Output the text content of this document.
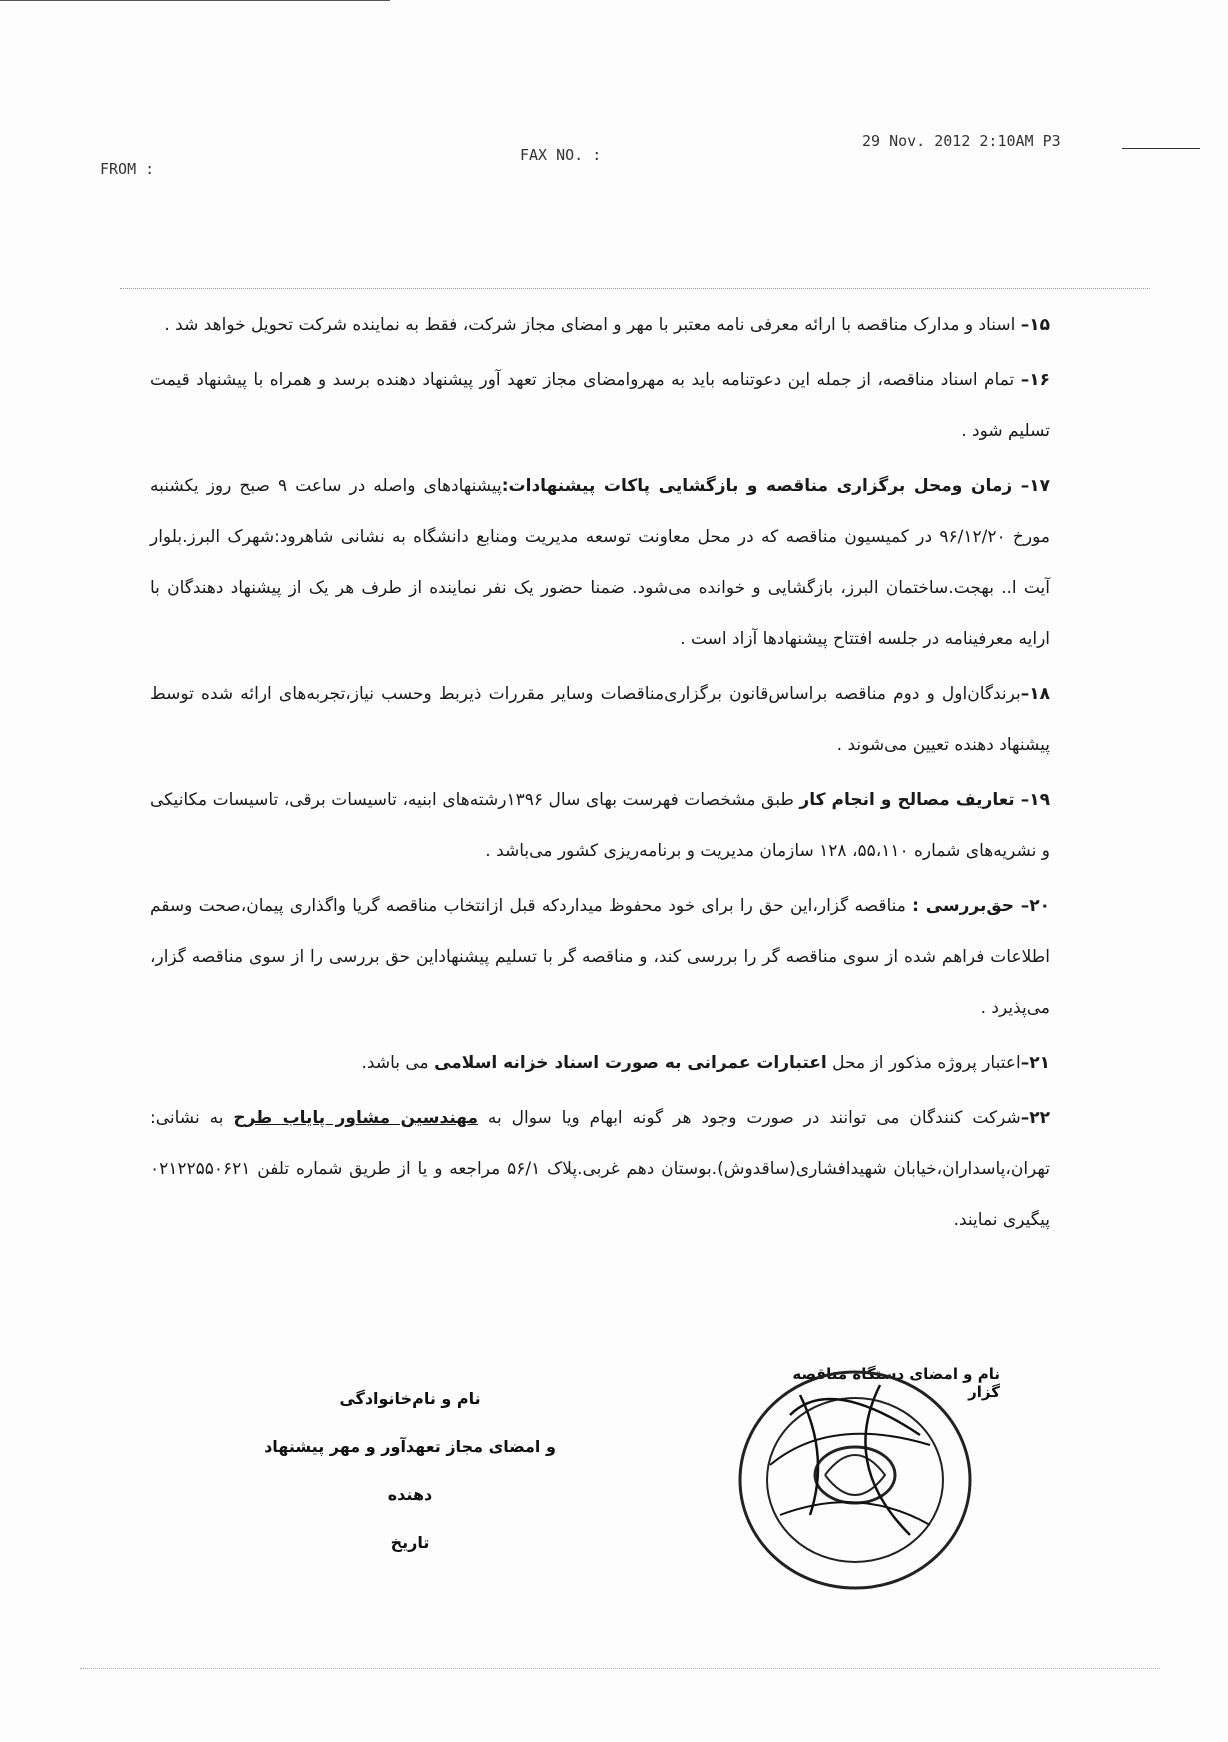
FROM :
FAX NO. :
29 Nov. 2012 2:10AM P3

۱۵– اسناد و مدارک مناقصه با ارائه معرفی نامه معتبر با مهر و امضای مجاز شرکت، فقط به نماینده شرکت تحویل خواهد شد .

۱۶– تمام اسناد مناقصه، از جمله این دعوتنامه باید به مهروامضای مجاز تعهد آور پیشنهاد دهنده برسد و همراه با پیشنهاد قیمت تسلیم شود .

۱۷– زمان ومحل برگزاری مناقصه و بازگشایی پاکات پیشنهادات:پیشنهادهای واصله در ساعت ۹ صبح روز یکشنبه مورخ ۹۶/۱۲/۲۰ در کمیسیون مناقصه که در محل معاونت توسعه مدیریت ومنابع دانشگاه به نشانی شاهرود:شهرک البرز.بلوار آیت ا.. بهجت.ساختمان البرز، بازگشایی و خوانده می‌شود. ضمنا حضور یک نفر نماینده از طرف هر یک از پیشنهاد دهندگان با ارایه معرفینامه در جلسه افتتاح پیشنهادها آزاد است .

۱۸–برندگان‌اول و دوم مناقصه براساس‌قانون برگزاری‌مناقصات وسایر مقررات ذیربط وحسب نیاز،تجربه‌های ارائه شده توسط پیشنهاد دهنده تعیین می‌شوند .

۱۹– تعاریف مصالح و انجام کار طبق مشخصات فهرست بهای سال ۱۳۹۶رشته‌های ابنیه، تاسیسات برقی، تاسیسات مکانیکی و نشریه‌های شماره ۵۵،۱۱۰، ۱۲۸ سازمان مدیریت و برنامه‌ریزی کشور می‌باشد .

۲۰– حق‌بررسی : مناقصه گزار،این حق را برای خود محفوظ میداردکه قبل ازانتخاب مناقصه گریا واگذاری پیمان،صحت وسقم اطلاعات فراهم شده از سوی مناقصه گر را بررسی کند، و مناقصه گر با تسلیم پیشنهاداین حق بررسی را از سوی مناقصه گزار، می‌پذیرد .

۲۱–اعتبار پروژه مذکور از محل اعتبارات عمرانی به صورت اسناد خزانه اسلامی می باشد.

۲۲–شرکت کنندگان می توانند در صورت وجود هر گونه ابهام ویا سوال به مهندسین مشاور پایاب طرح به نشانی: تهران،پاسداران،خیابان شهیدافشاری(ساقدوش).بوستان دهم غربی.پلاک ۵۶/۱ مراجعه و یا از طریق شماره تلفن ۰۲۱۲۲۵۵۰۶۲۱ پیگیری نمایند.

نام و نام‌خانوادگی
و امضای مجاز تعهدآور و مهر پیشنهاد دهنده
تاریخ
نام و امضای دستگاه مناقصه گزار
